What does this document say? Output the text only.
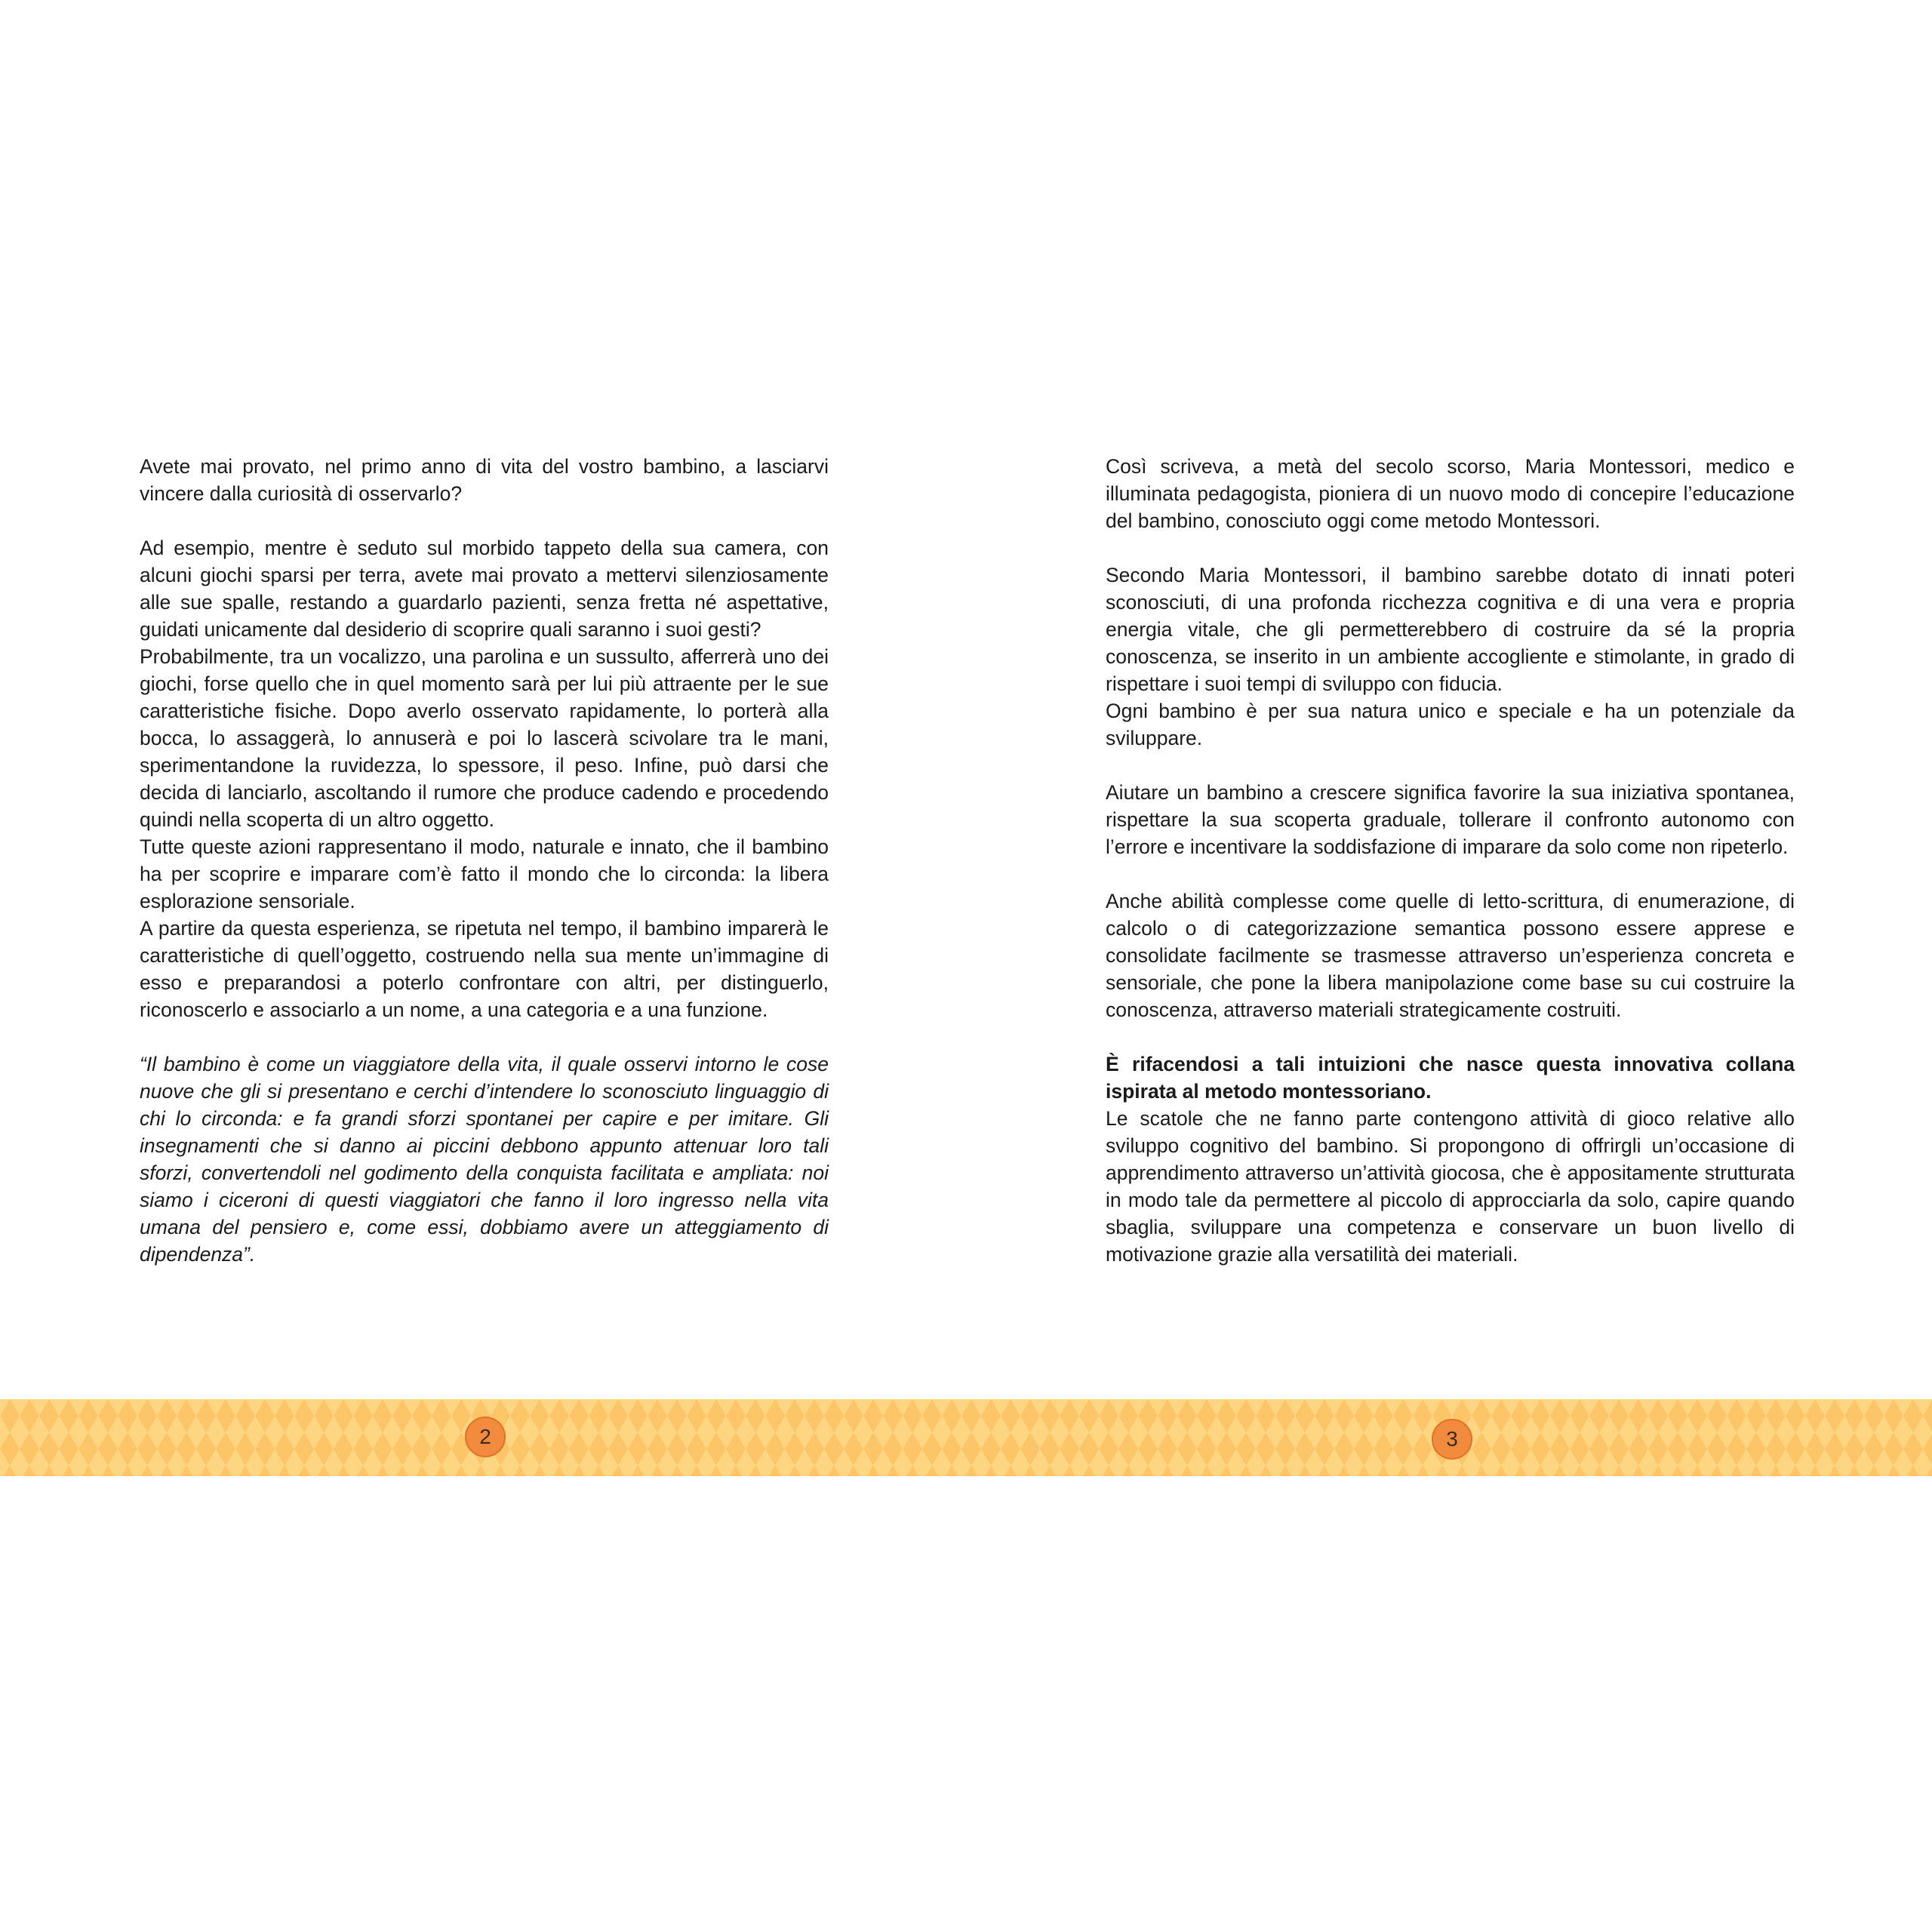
Avete mai provato, nel primo anno di vita del vostro bambino, a lasciarvi vincere dalla curiosità di osservarlo?

Ad esempio, mentre è seduto sul morbido tappeto della sua camera, con alcuni giochi sparsi per terra, avete mai provato a mettervi silenziosamente alle sue spalle, restando a guardarlo pazienti, senza fretta né aspettative, guidati unicamente dal desiderio di scoprire quali saranno i suoi gesti?

Probabilmente, tra un vocalizzo, una parolina e un sussulto, afferrerà uno dei giochi, forse quello che in quel momento sarà per lui più attraente per le sue caratteristiche fisiche. Dopo averlo osservato rapidamente, lo porterà alla bocca, lo assaggerà, lo annuserà e poi lo lascerà scivolare tra le mani, sperimentandone la ruvidezza, lo spessore, il peso. Infine, può darsi che decida di lanciarlo, ascoltando il rumore che produce cadendo e procedendo quindi nella scoperta di un altro oggetto.

Tutte queste azioni rappresentano il modo, naturale e innato, che il bambino ha per scoprire e imparare com’è fatto il mondo che lo circonda: la libera esplorazione sensoriale.

A partire da questa esperienza, se ripetuta nel tempo, il bambino imparerà le caratteristiche di quell’oggetto, costruendo nella sua mente un’immagine di esso e preparandosi a poterlo confrontare con altri, per distinguerlo, riconoscerlo e associarlo a un nome, a una categoria e a una funzione.

“Il bambino è come un viaggiatore della vita, il quale osservi intorno le cose nuove che gli si presentano e cerchi d’intendere lo sconosciuto linguaggio di chi lo circonda: e fa grandi sforzi spontanei per capire e per imitare. Gli insegnamenti che si danno ai piccini debbono appunto attenuar loro tali sforzi, convertendoli nel godimento della conquista facilitata e ampliata: noi siamo i ciceroni di questi viaggiatori che fanno il loro ingresso nella vita umana del pensiero e, come essi, dobbiamo avere un atteggiamento di dipendenza”.

Così scriveva, a metà del secolo scorso, Maria Montessori, medico e illuminata pedagogista, pioniera di un nuovo modo di concepire l’educazione del bambino, conosciuto oggi come metodo Montessori.

Secondo Maria Montessori, il bambino sarebbe dotato di innati poteri sconosciuti, di una profonda ricchezza cognitiva e di una vera e propria energia vitale, che gli permetterebbero di costruire da sé la propria conoscenza, se inserito in un ambiente accogliente e stimolante, in grado di rispettare i suoi tempi di sviluppo con fiducia.

Ogni bambino è per sua natura unico e speciale e ha un potenziale da sviluppare.

Aiutare un bambino a crescere significa favorire la sua iniziativa spontanea, rispettare la sua scoperta graduale, tollerare il confronto autonomo con l’errore e incentivare la soddisfazione di imparare da solo come non ripeterlo.

Anche abilità complesse come quelle di letto-scrittura, di enumerazione, di calcolo o di categorizzazione semantica possono essere apprese e consolidate facilmente se trasmesse attraverso un’esperienza concreta e sensoriale, che pone la libera manipolazione come base su cui costruire la conoscenza, attraverso materiali strategicamente costruiti.

È rifacendosi a tali intuizioni che nasce questa innovativa collana ispirata al metodo montessoriano.

Le scatole che ne fanno parte contengono attività di gioco relative allo sviluppo cognitivo del bambino. Si propongono di offrirgli un’occasione di apprendimento attraverso un’attività giocosa, che è appositamente strutturata in modo tale da permettere al piccolo di approcciarla da solo, capire quando sbaglia, sviluppare una competenza e conservare un buon livello di motivazione grazie alla versatilità dei materiali.

2	3
